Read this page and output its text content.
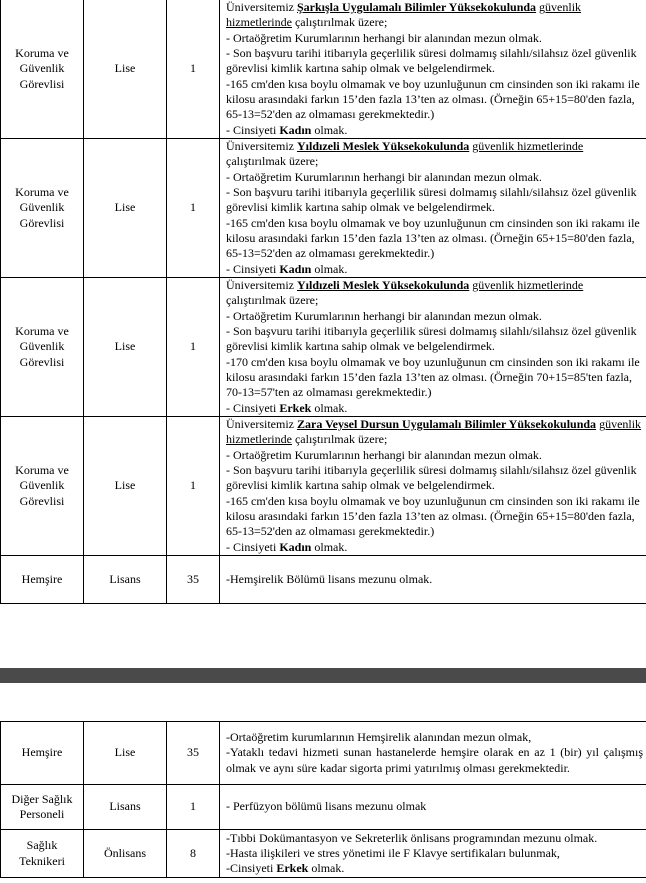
Koruma ve Güvenlik Görevlisi	Lise	1	Üniversitemiz Şarkışla Uygulamalı Bilimler Yüksekokulunda güvenlik hizmetlerinde çalıştırılmak üzere;
- Ortaöğretim Kurumlarının herhangi bir alanından mezun olmak.
- Son başvuru tarihi itibarıyla geçerlilik süresi dolmamış silahlı/silahsız özel güvenlik görevlisi kimlik kartına sahip olmak ve belgelendirmek.
-165 cm'den kısa boylu olmamak ve boy uzunluğunun cm cinsinden son iki rakamı ile kilosu arasındaki farkın 15’den fazla 13’ten az olması. (Örneğin 65+15=80'den fazla, 65-13=52'den az olmaması gerekmektedir.)
- Cinsiyeti Kadın olmak.

Koruma ve Güvenlik Görevlisi	Lise	1	Üniversitemiz Yıldızeli Meslek Yüksekokulunda güvenlik hizmetlerinde çalıştırılmak üzere;
- Ortaöğretim Kurumlarının herhangi bir alanından mezun olmak.
- Son başvuru tarihi itibarıyla geçerlilik süresi dolmamış silahlı/silahsız özel güvenlik görevlisi kimlik kartına sahip olmak ve belgelendirmek.
-165 cm'den kısa boylu olmamak ve boy uzunluğunun cm cinsinden son iki rakamı ile kilosu arasındaki farkın 15’den fazla 13’ten az olması. (Örneğin 65+15=80'den fazla, 65-13=52'den az olmaması gerekmektedir.)
- Cinsiyeti Kadın olmak.

Koruma ve Güvenlik Görevlisi	Lise	1	Üniversitemiz Yıldızeli Meslek Yüksekokulunda güvenlik hizmetlerinde çalıştırılmak üzere;
- Ortaöğretim Kurumlarının herhangi bir alanından mezun olmak.
- Son başvuru tarihi itibarıyla geçerlilik süresi dolmamış silahlı/silahsız özel güvenlik görevlisi kimlik kartına sahip olmak ve belgelendirmek.
-170 cm'den kısa boylu olmamak ve boy uzunluğunun cm cinsinden son iki rakamı ile kilosu arasındaki farkın 15’den fazla 13’ten az olması. (Örneğin 70+15=85'ten fazla, 70-13=57'ten az olmaması gerekmektedir.)
- Cinsiyeti Erkek olmak.

Koruma ve Güvenlik Görevlisi	Lise	1	Üniversitemiz Zara Veysel Dursun Uygulamalı Bilimler Yüksekokulunda güvenlik hizmetlerinde çalıştırılmak üzere;
- Ortaöğretim Kurumlarının herhangi bir alanından mezun olmak.
- Son başvuru tarihi itibarıyla geçerlilik süresi dolmamış silahlı/silahsız özel güvenlik görevlisi kimlik kartına sahip olmak ve belgelendirmek.
-165 cm'den kısa boylu olmamak ve boy uzunluğunun cm cinsinden son iki rakamı ile kilosu arasındaki farkın 15’den fazla 13’ten az olması. (Örneğin 65+15=80'den fazla, 65-13=52'den az olmaması gerekmektedir.)
- Cinsiyeti Kadın olmak.

Hemşire	Lisans	35	-Hemşirelik Bölümü lisans mezunu olmak.
Hemşire	Lise	35	-Ortaöğretim kurumlarının Hemşirelik alanından mezun olmak,
-Yataklı tedavi hizmeti sunan hastanelerde hemşire olarak en az 1 (bir) yıl çalışmış olmak ve aynı süre kadar sigorta primi yatırılmış olması gerekmektedir.

Diğer Sağlık Personeli	Lisans	1	- Perfüzyon bölümü lisans mezunu olmak
Sağlık Teknikeri	Önlisans	8	-Tıbbi Dokümantasyon ve Sekreterlik önlisans programından mezunu olmak.
-Hasta ilişkileri ve stres yönetimi ile F Klavye sertifikaları bulunmak,
-Cinsiyeti Erkek olmak.
